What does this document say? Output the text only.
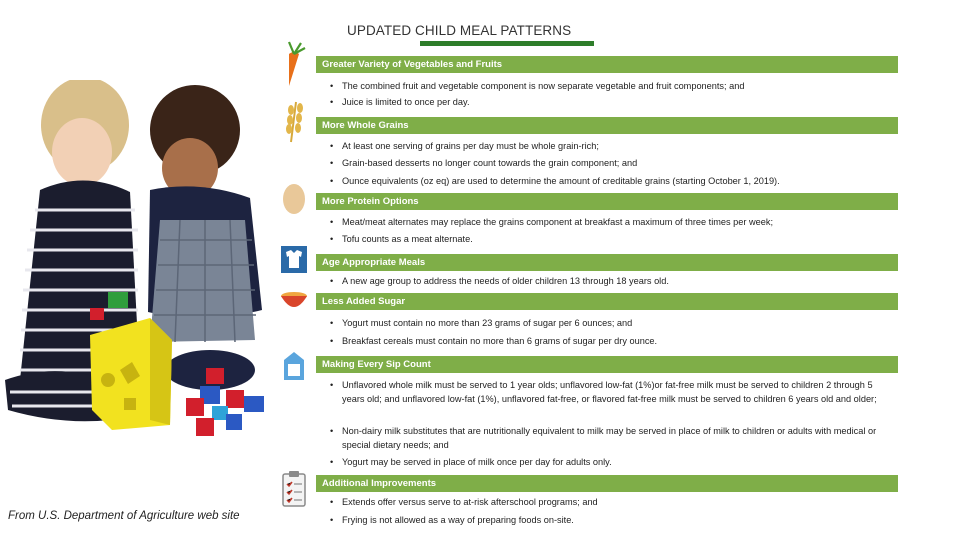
UPDATED CHILD MEAL PATTERNS
From U.S. Department of Agriculture web site
Greater Variety of Vegetables and Fruits
• The combined fruit and vegetable component is now separate vegetable and fruit components; and
• Juice is limited to once per day.
More Whole Grains
• At least one serving of grains per day must be whole grain-rich;
• Grain-based desserts no longer count towards the grain component; and
• Ounce equivalents (oz eq) are used to determine the amount of creditable grains (starting October 1, 2019).
More Protein Options
• Meat/meat alternates may replace the grains component at breakfast a maximum of three times per week;
• Tofu counts as a meat alternate.
Age Appropriate Meals
• A new age group to address the needs of older children 13 through 18 years old.
Less Added Sugar
• Yogurt must contain no more than 23 grams of sugar per 6 ounces; and
• Breakfast cereals must contain no more than 6 grams of sugar per dry ounce.
Making Every Sip Count
• Unflavored whole milk must be served to 1 year olds; unflavored low-fat (1%)or fat-free milk must be served to children 2 through 5 years old; and unflavored low-fat (1%), unflavored fat-free, or flavored fat-free milk must be served to children 6 years old and older;
• Non-dairy milk substitutes that are nutritionally equivalent to milk may be served in place of milk to children or adults with medical or special dietary needs; and
• Yogurt may be served in place of milk once per day for adults only.
Additional Improvements
• Extends offer versus serve to at-risk afterschool programs; and
• Frying is not allowed as a way of preparing foods on-site.
